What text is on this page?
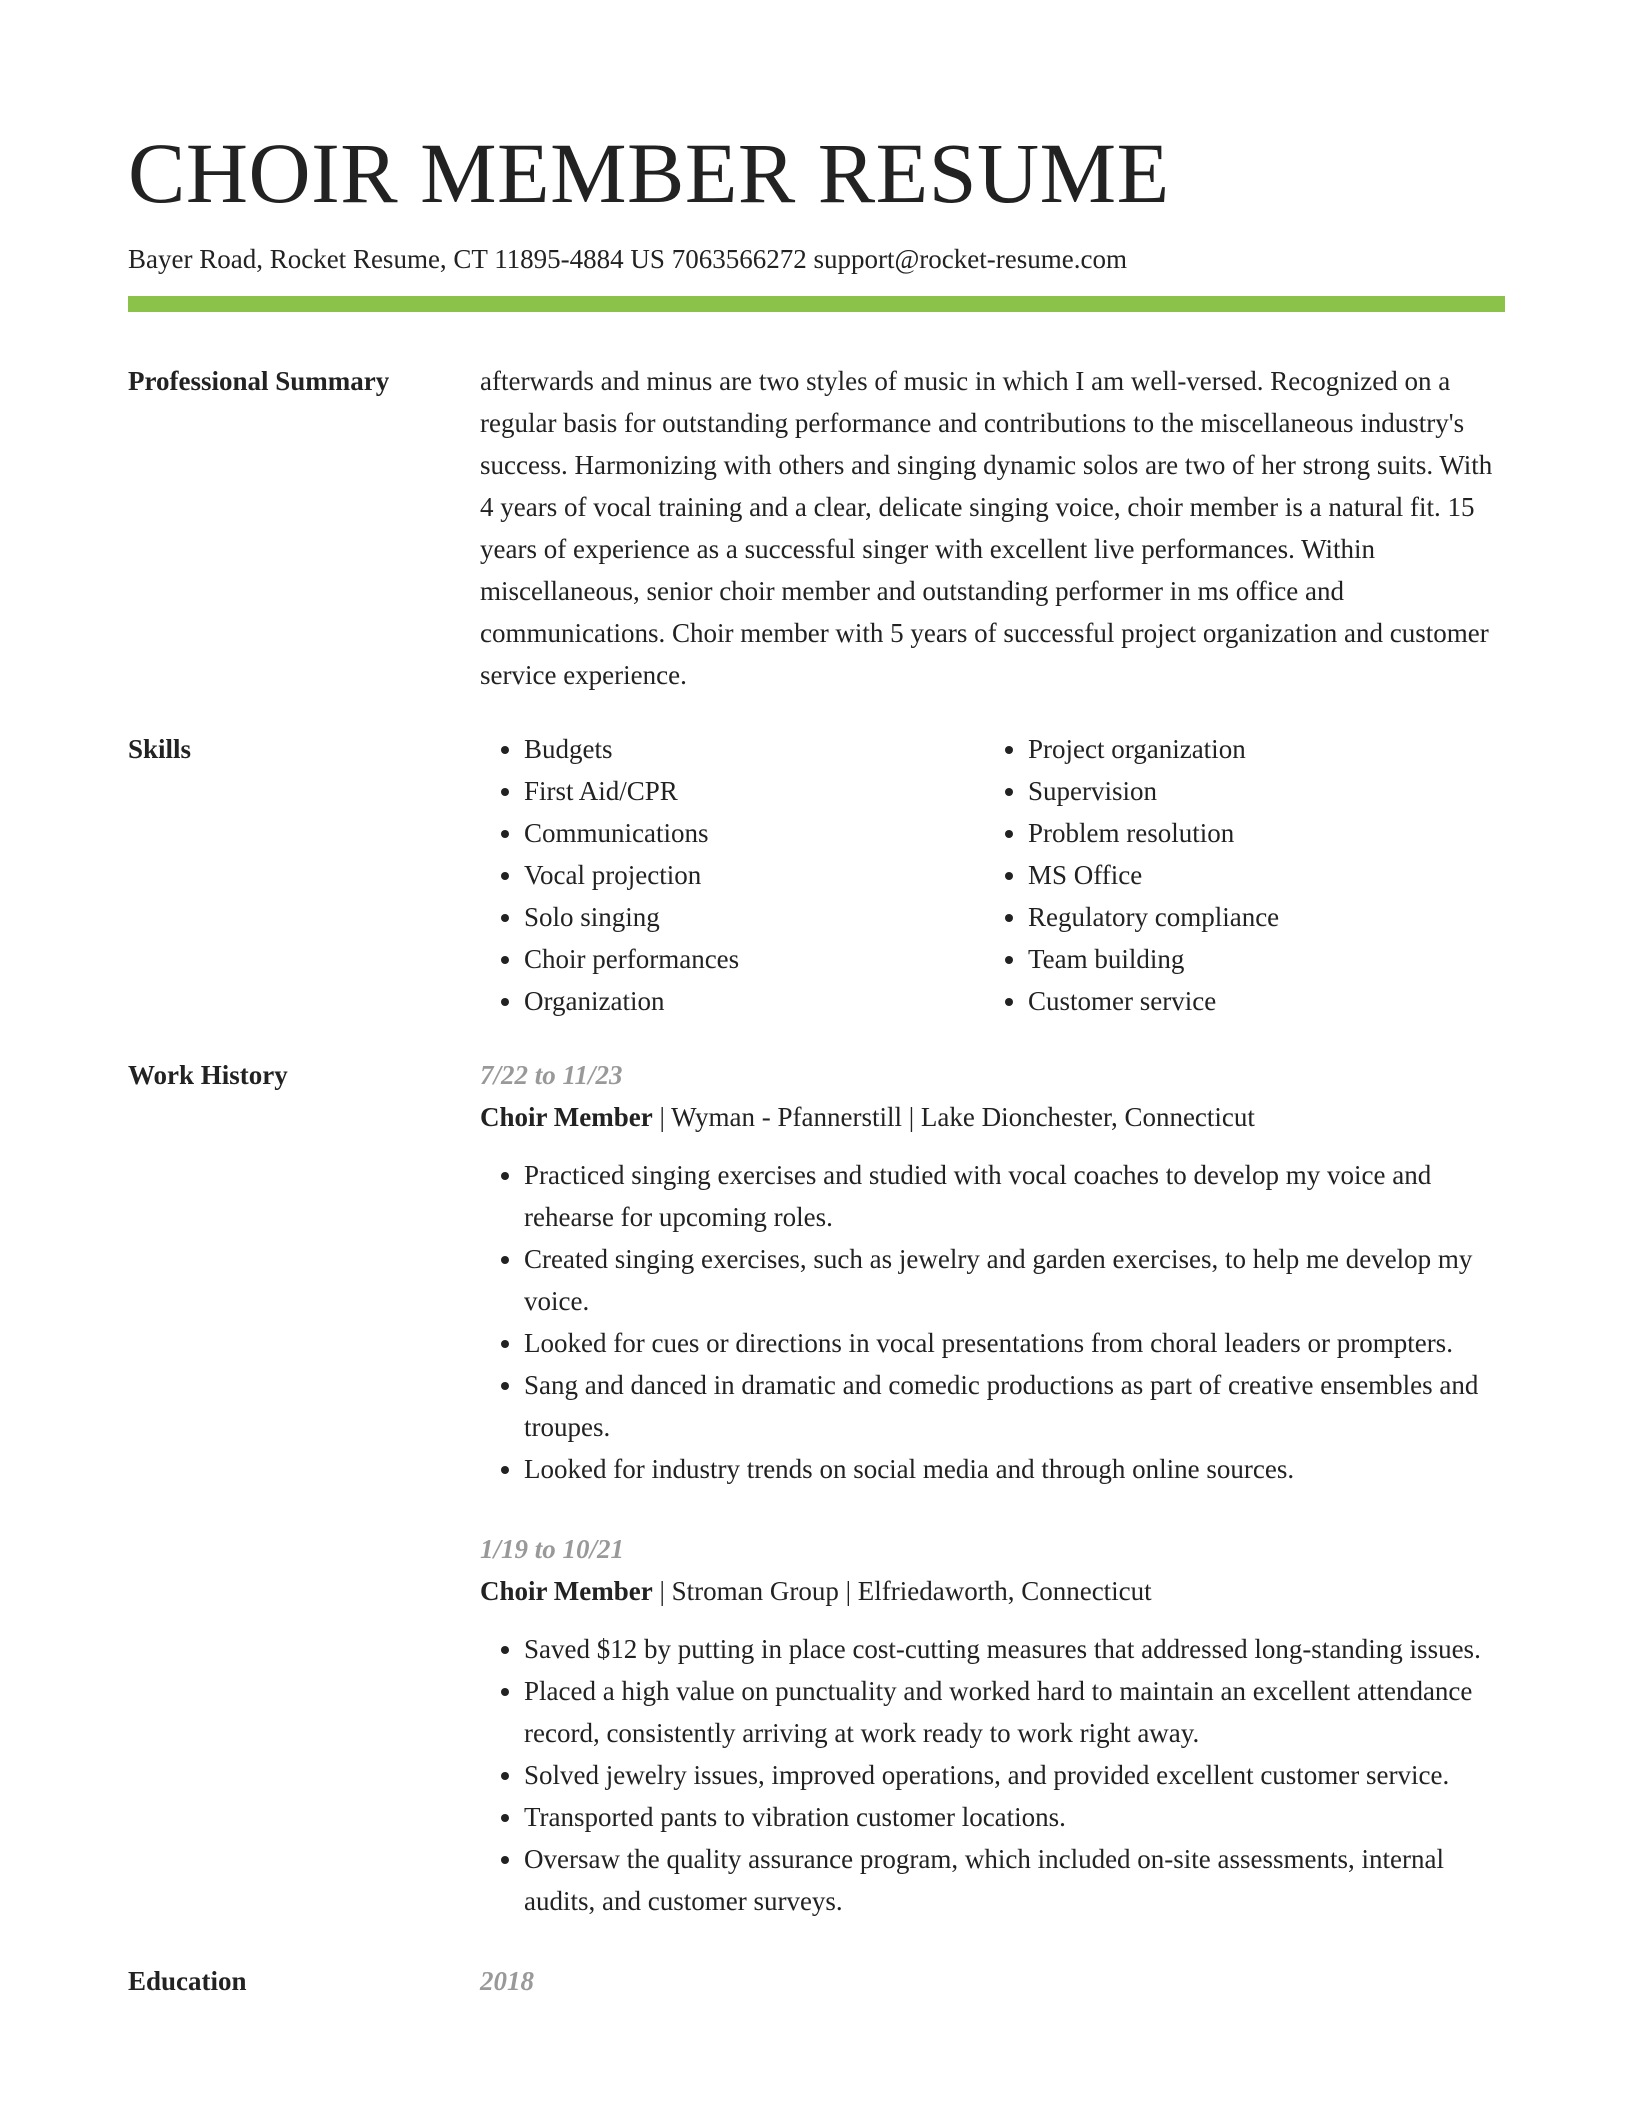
CHOIR MEMBER RESUME
Bayer Road, Rocket Resume, CT 11895-4884 US 7063566272 support@rocket-resume.com
Professional Summary	afterwards and minus are two styles of music in which I am well-versed. Recognized on a regular basis for outstanding performance and contributions to the miscellaneous industry's success. Harmonizing with others and singing dynamic solos are two of her strong suits. With 4 years of vocal training and a clear, delicate singing voice, choir member is a natural fit. 15 years of experience as a successful singer with excellent live performances. Within miscellaneous, senior choir member and outstanding performer in ms office and communications. Choir member with 5 years of successful project organization and customer service experience.

Skills
•	Budgets
• First Aid/CPR
• Communications
• Vocal projection
• Solo singing
• Choir performances
• Organization
• Project organization
• Supervision
• Problem resolution
• MS Office
• Regulatory compliance
• Team building
• Customer service
Work History	7/22 to 11/23

Choir Member | Wyman - Pfannerstill | Lake Dionchester, Connecticut

• Practiced singing exercises and studied with vocal coaches to develop my voice and rehearse for upcoming roles.
• Created singing exercises, such as jewelry and garden exercises, to help me develop my voice.
• Looked for cues or directions in vocal presentations from choral leaders or prompters.
• Sang and danced in dramatic and comedic productions as part of creative ensembles and troupes.
• Looked for industry trends on social media and through online sources.
1/19 to 10/21

Choir Member | Stroman Group | Elfriedaworth, Connecticut

• Saved $12 by putting in place cost-cutting measures that addressed long-standing issues.
• Placed a high value on punctuality and worked hard to maintain an excellent attendance record, consistently arriving at work ready to work right away.
• Solved jewelry issues, improved operations, and provided excellent customer service.
• Transported pants to vibration customer locations.
• Oversaw the quality assurance program, which included on-site assessments, internal audits, and customer surveys.
Education	2018
